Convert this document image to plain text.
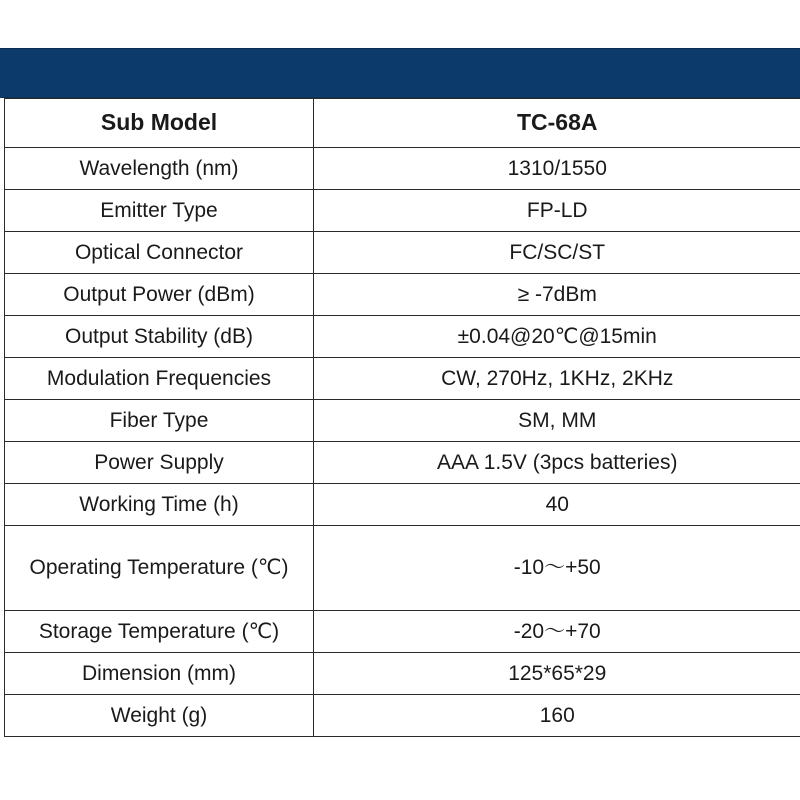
Sub Model	TC-68A
Wavelength (nm)	1310/1550
Emitter Type	FP-LD
Optical Connector	FC/SC/ST
Output Power (dBm)	≥ -7dBm
Output Stability (dB)	±0.04@20℃@15min
Modulation Frequencies	CW, 270Hz, 1KHz, 2KHz
Fiber Type	SM, MM
Power Supply	AAA 1.5V (3pcs batteries)
Working Time (h)	40
Operating Temperature (℃)	-10～+50
Storage Temperature (℃)	-20～+70
Dimension (mm)	125*65*29
Weight (g)	160
